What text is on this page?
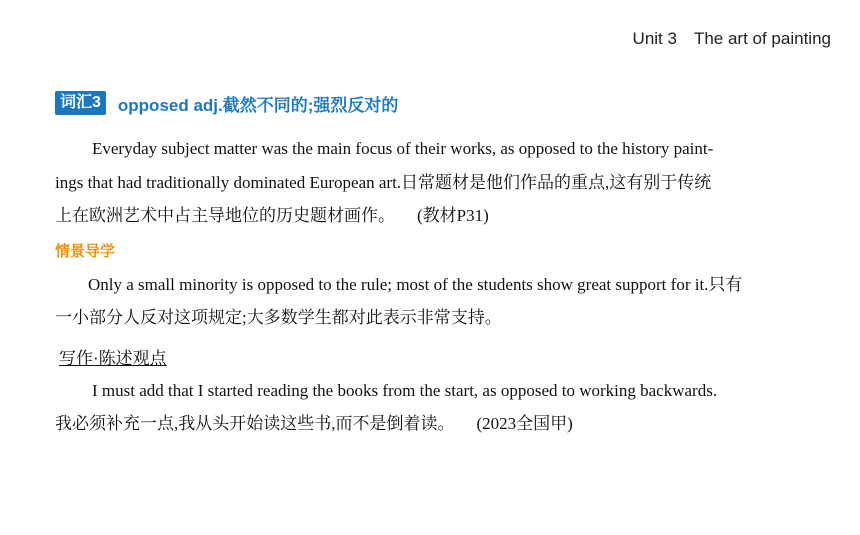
Unit 3　The art of painting
词汇3 opposed adj.截然不同的;强烈反对的
Everyday subject matter was the main focus of their works, as opposed to the history paint-
ings that had traditionally dominated European art.日常题材是他们作品的重点,这有别于传统
上在欧洲艺术中占主导地位的历史题材画作。 (教材P31)
情景导学
Only a small minority is opposed to the rule; most of the students show great support for it.只有
一小部分人反对这项规定;大多数学生都对此表示非常支持。
写作·陈述观点
I must add that I started reading the books from the start, as opposed to working backwards.
我必须补充一点,我从头开始读这些书,而不是倒着读。 (2023全国甲)
